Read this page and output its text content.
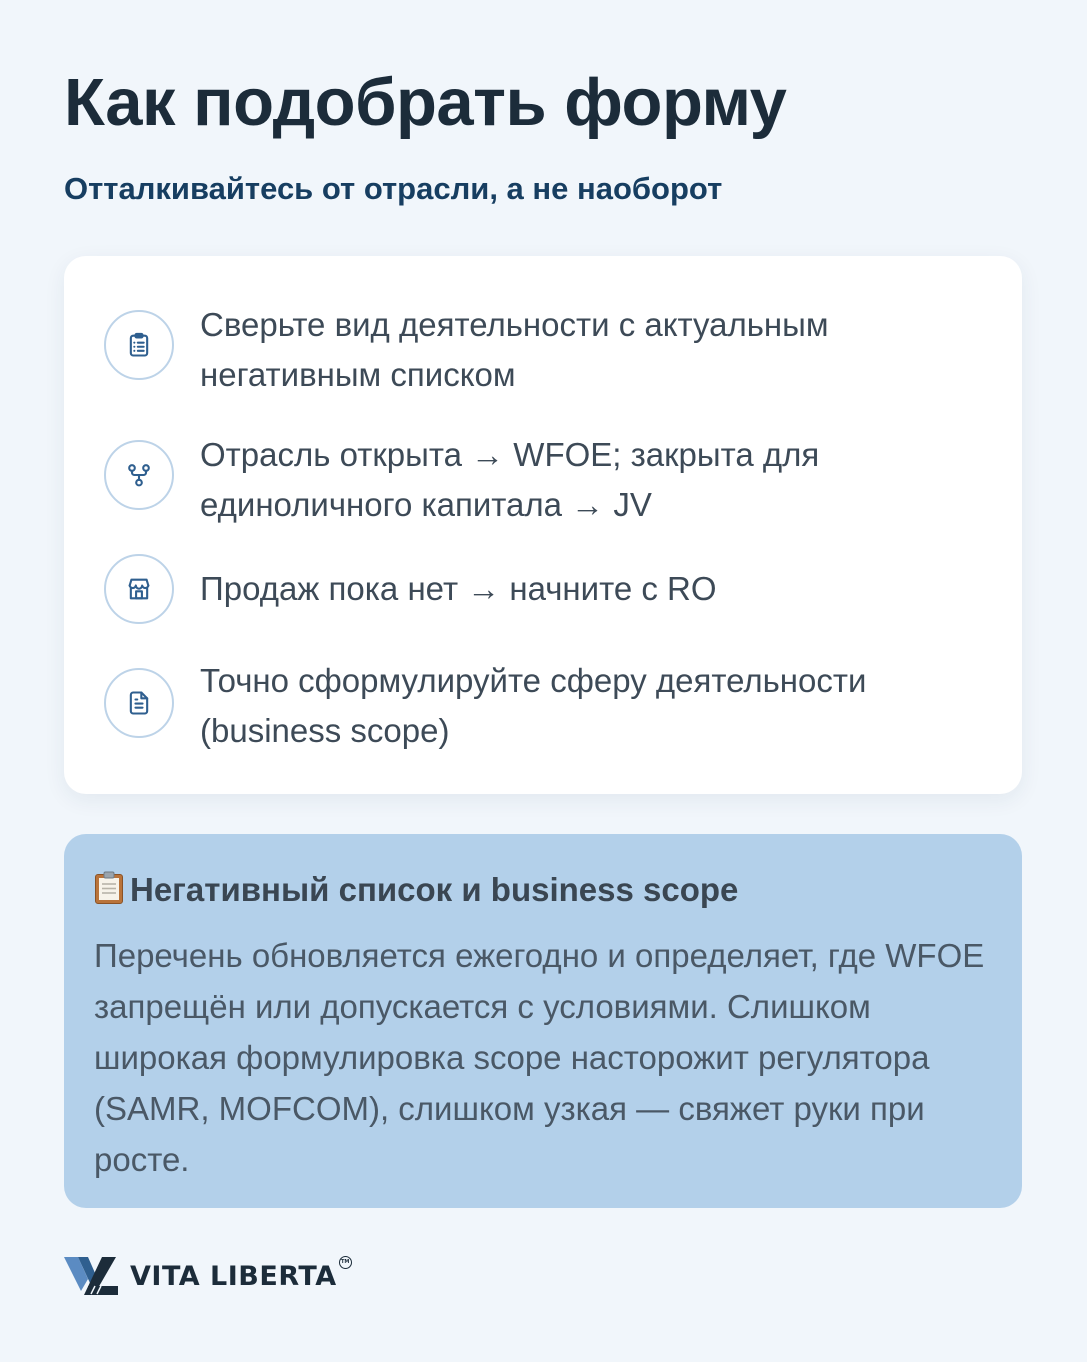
Как подобрать форму

Отталкивайтесь от отрасли, а не наоборот

Сверьте вид деятельности с актуальным негативным списком
Отрасль открыта → WFOE; закрыта для единоличного капитала → JV
Продаж пока нет → начните с RO
Точно сформулируйте сферу деятельности (business scope)
Негативный список и business scope
Перечень обновляется ежегодно и определяет, где WFOE запрещён или допускается с условиями. Слишком широкая формулировка scope насторожит регулятора (SAMR, MOFCOM), слишком узкая — свяжет руки при росте.
VITA LIBERTA TM
